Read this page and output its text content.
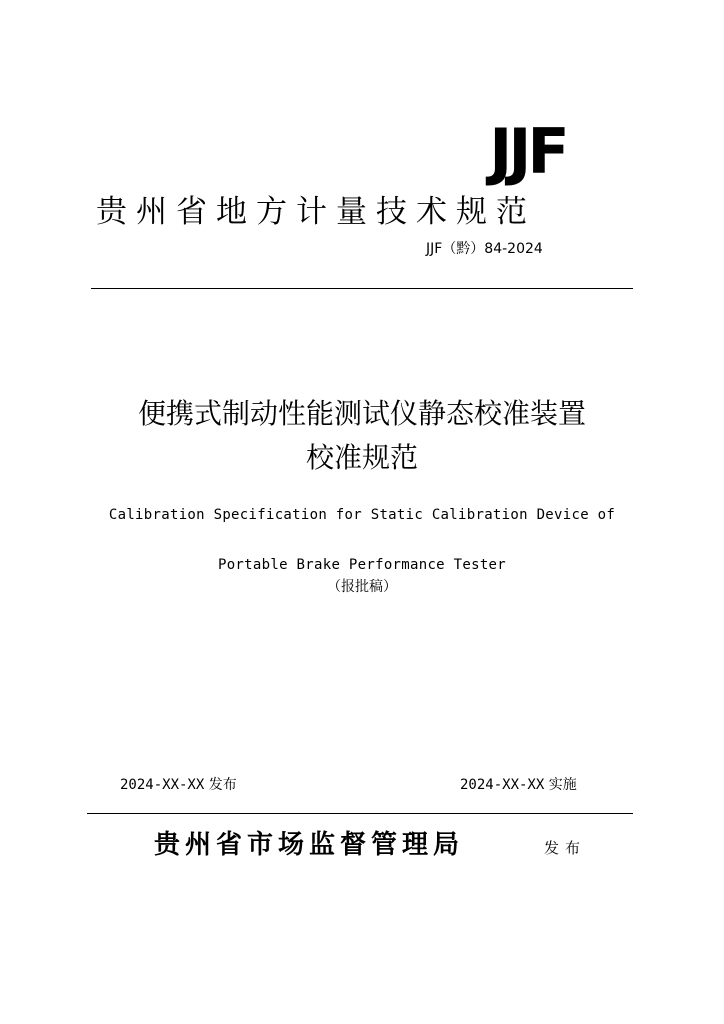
JJF
贵州省地方计量技术规范
JJF（黔）84-2024
便携式制动性能测试仪静态校准装置
校准规范
Calibration Specification for Static Calibration Device of
Portable Brake Performance Tester
（报批稿）
2024-XX-XX 发布	2024-XX-XX 实施
贵州省市场监督管理局	发布
